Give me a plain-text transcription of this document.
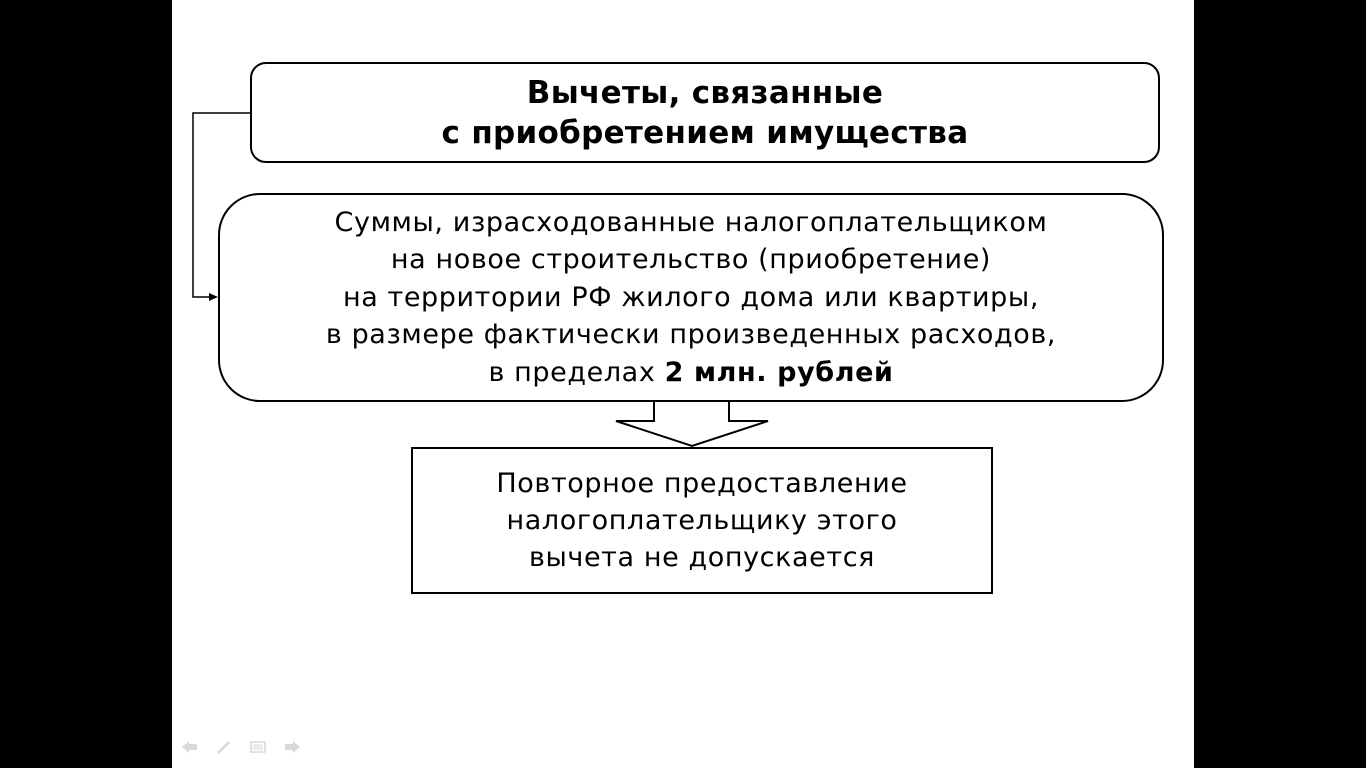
Вычеты, связанные
с приобретением имущества
Суммы, израсходованные налогоплательщиком
на новое строительство (приобретение)
на территории РФ жилого дома или квартиры,
в размере фактически произведенных расходов,
в пределах 2 млн. рублей
Повторное предоставление
налогоплательщику этого
вычета не допускается
